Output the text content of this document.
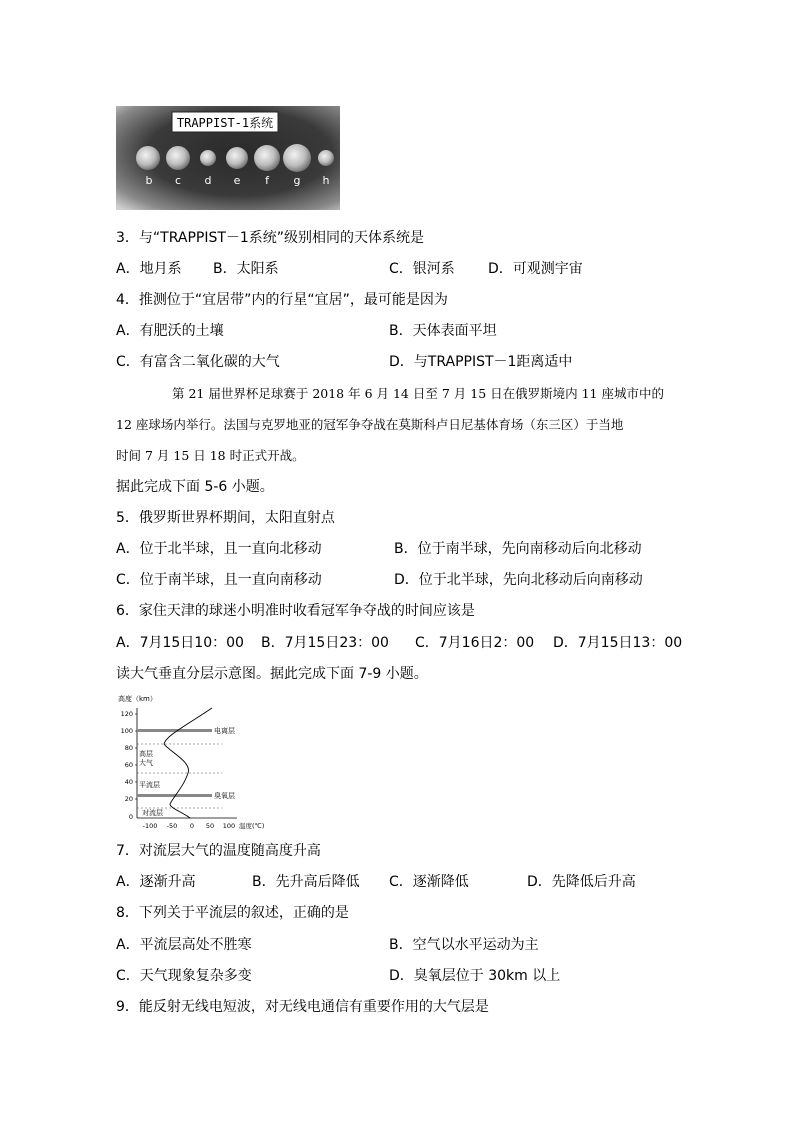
TRAPPIST-1系统
b c d e f g h
3．与“TRAPPIST－1系统”级别相同的天体系统是
A．地月系 B．太阳系	C．银河系 D．可观测宇宙
4．推测位于“宜居带”内的行星“宜居”，最可能是因为
A．有肥沃的土壤	B．天体表面平坦
C．有富含二氧化碳的大气	D．与TRAPPIST－1距离适中
第 21 届世界杯足球赛于 2018 年 6 月 14 日至 7 月 15 日在俄罗斯境内 11 座城市中的
12 座球场内举行。法国与克罗地亚的冠军争夺战在莫斯科卢日尼基体育场（东三区）于当地
时间 7 月 15 日 18 时正式开战。
据此完成下面 5-6 小题。
5．俄罗斯世界杯期间，太阳直射点
A．位于北半球，且一直向北移动	B．位于南半球，先向南移动后向北移动
C．位于南半球，且一直向南移动	D．位于北半球，先向北移动后向南移动
6．家住天津的球迷小明准时收看冠军争夺战的时间应该是
A．7月15日10：00 B．7月15日23：00 C．7月16日2：00 D．7月15日13：00
读大气垂直分层示意图。据此完成下面 7-9 小题。
高度（km）
120
100
80
60
40
20
0
电离层
高层
大气
平流层
臭氧层
对流层
-100 -50 0 50 100 温度(℃)
7．对流层大气的温度随高度升高
A．逐渐升高	B．先升高后降低 C．逐渐降低	D．先降低后升高
8．下列关于平流层的叙述，正确的是
A．平流层高处不胜寒	B．空气以水平运动为主
C．天气现象复杂多变	D．臭氧层位于 30km 以上
9．能反射无线电短波，对无线电通信有重要作用的大气层是
